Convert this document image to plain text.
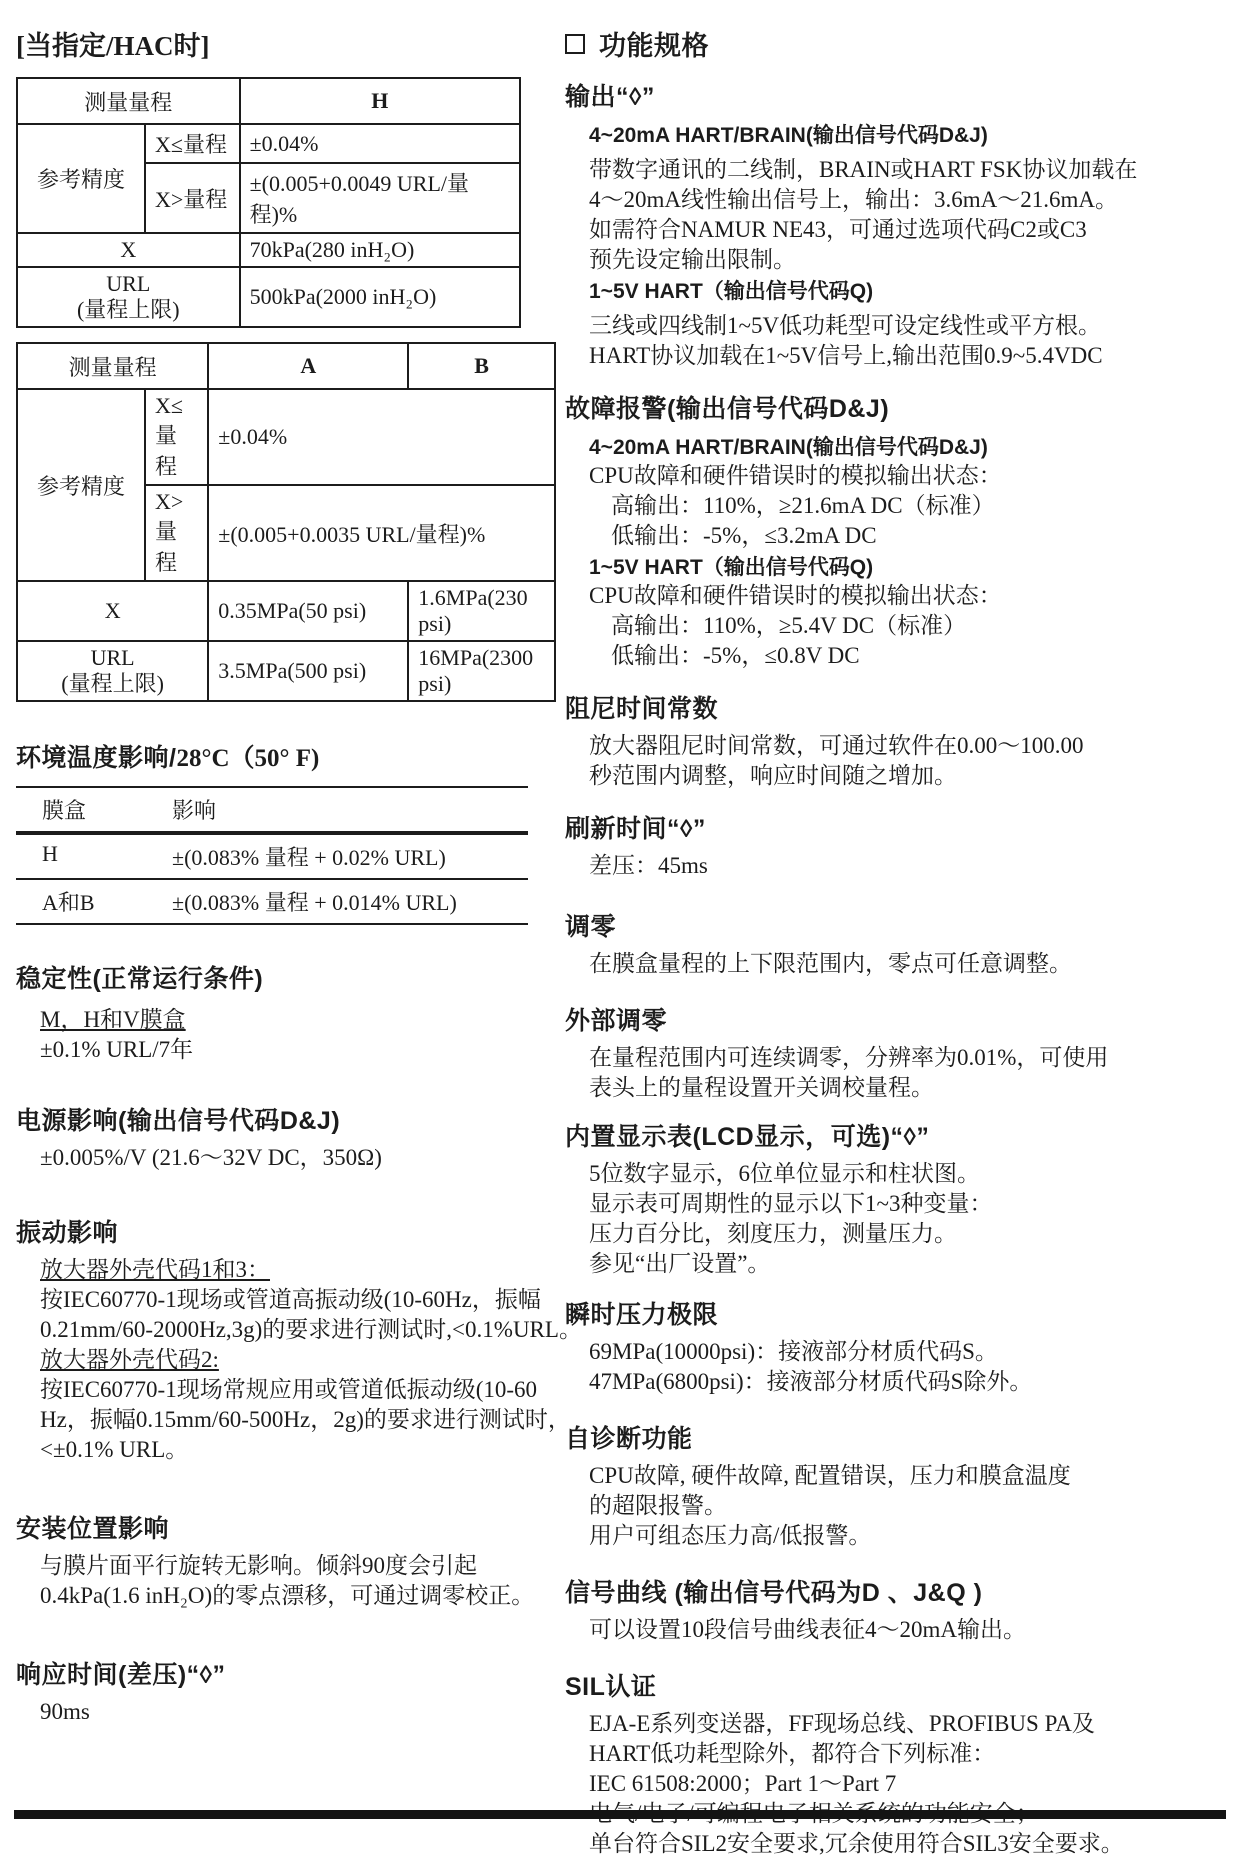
[当指定/HAC时]
测量量程		H
参考精度	X≤量程	±0.04%
	X>量程	±(0.005+0.0049 URL/量程)%
X		70kPa(280 inH₂O)

URL
(量程上限)		500kPa(2000 inH₂O)
测量量程		A	B
参考精度	X≤量程	±0.04%	
	X>量程	±(0.005+0.0035 URL/量程)%	
X		0.35MPa(50 psi)	1.6MPa(230 psi)

URL
(量程上限)		3.5MPa(500 psi)	16MPa(2300 psi)
环境温度影响/28°C（50° F)
膜盒	影响
H	±(0.083% 量程 + 0.02% URL)
A和B	±(0.083% 量程 + 0.014% URL)
稳定性(正常运行条件)
M，H和V膜盒
±0.1% URL/7年
电源影响(输出信号代码D&J)
±0.005%/V (21.6～32V DC，350Ω)
振动影响
放大器外壳代码1和3：
按IEC60770-1现场或管道高振动级(10-60Hz，振幅
0.21mm/60-2000Hz,3g)的要求进行测试时,<0.1%URL。
放大器外壳代码2:
按IEC60770-1现场常规应用或管道低振动级(10-60
Hz，振幅0.15mm/60-500Hz，2g)的要求进行测试时，
<±0.1% URL。
安装位置影响
与膜片面平行旋转无影响。倾斜90度会引起
0.4kPa(1.6 inH₂O)的零点漂移，可通过调零校正。
响应时间(差压)“◊”
90ms
功能规格
输出“◊”
4~20mA HART/BRAIN(输出信号代码D&J)
带数字通讯的二线制，BRAIN或HART FSK协议加载在
4～20mA线性输出信号上，输出：3.6mA～21.6mA。
如需符合NAMUR NE43，可通过选项代码C2或C3
预先设定输出限制。
1~5V HART（输出信号代码Q)
三线或四线制1~5V低功耗型可设定线性或平方根。
HART协议加载在1~5V信号上,输出范围0.9~5.4VDC
故障报警(输出信号代码D&J)
4~20mA HART/BRAIN(输出信号代码D&J)
CPU故障和硬件错误时的模拟输出状态：
高输出：110%，≥21.6mA DC（标准）
低输出：-5%，≤3.2mA DC
1~5V HART（输出信号代码Q)
CPU故障和硬件错误时的模拟输出状态：
高输出：110%，≥5.4V DC（标准）
低输出：-5%，≤0.8V DC
阻尼时间常数
放大器阻尼时间常数，可通过软件在0.00～100.00
秒范围内调整，响应时间随之增加。
刷新时间“◊”
差压：45ms
调零
在膜盒量程的上下限范围内，零点可任意调整。
外部调零
在量程范围内可连续调零，分辨率为0.01%，可使用
表头上的量程设置开关调校量程。
内置显示表(LCD显示，可选)“◊”
5位数字显示，6位单位显示和柱状图。
显示表可周期性的显示以下1~3种变量：
压力百分比，刻度压力，测量压力。
参见“出厂设置”。
瞬时压力极限
69MPa(10000psi)：接液部分材质代码S。
47MPa(6800psi)：接液部分材质代码S除外。
自诊断功能
CPU故障, 硬件故障, 配置错误，压力和膜盒温度
的超限报警。
用户可组态压力高/低报警。
信号曲线 (输出信号代码为D 、J&Q )
可以设置10段信号曲线表征4～20mA输出。
SIL认证
EJA-E系列变送器，FF现场总线、PROFIBUS PA及
HART低功耗型除外，都符合下列标准：
IEC 61508:2000；Part 1～Part 7
单台符合SIL2安全要求,冗余使用符合SIL3安全要求。
